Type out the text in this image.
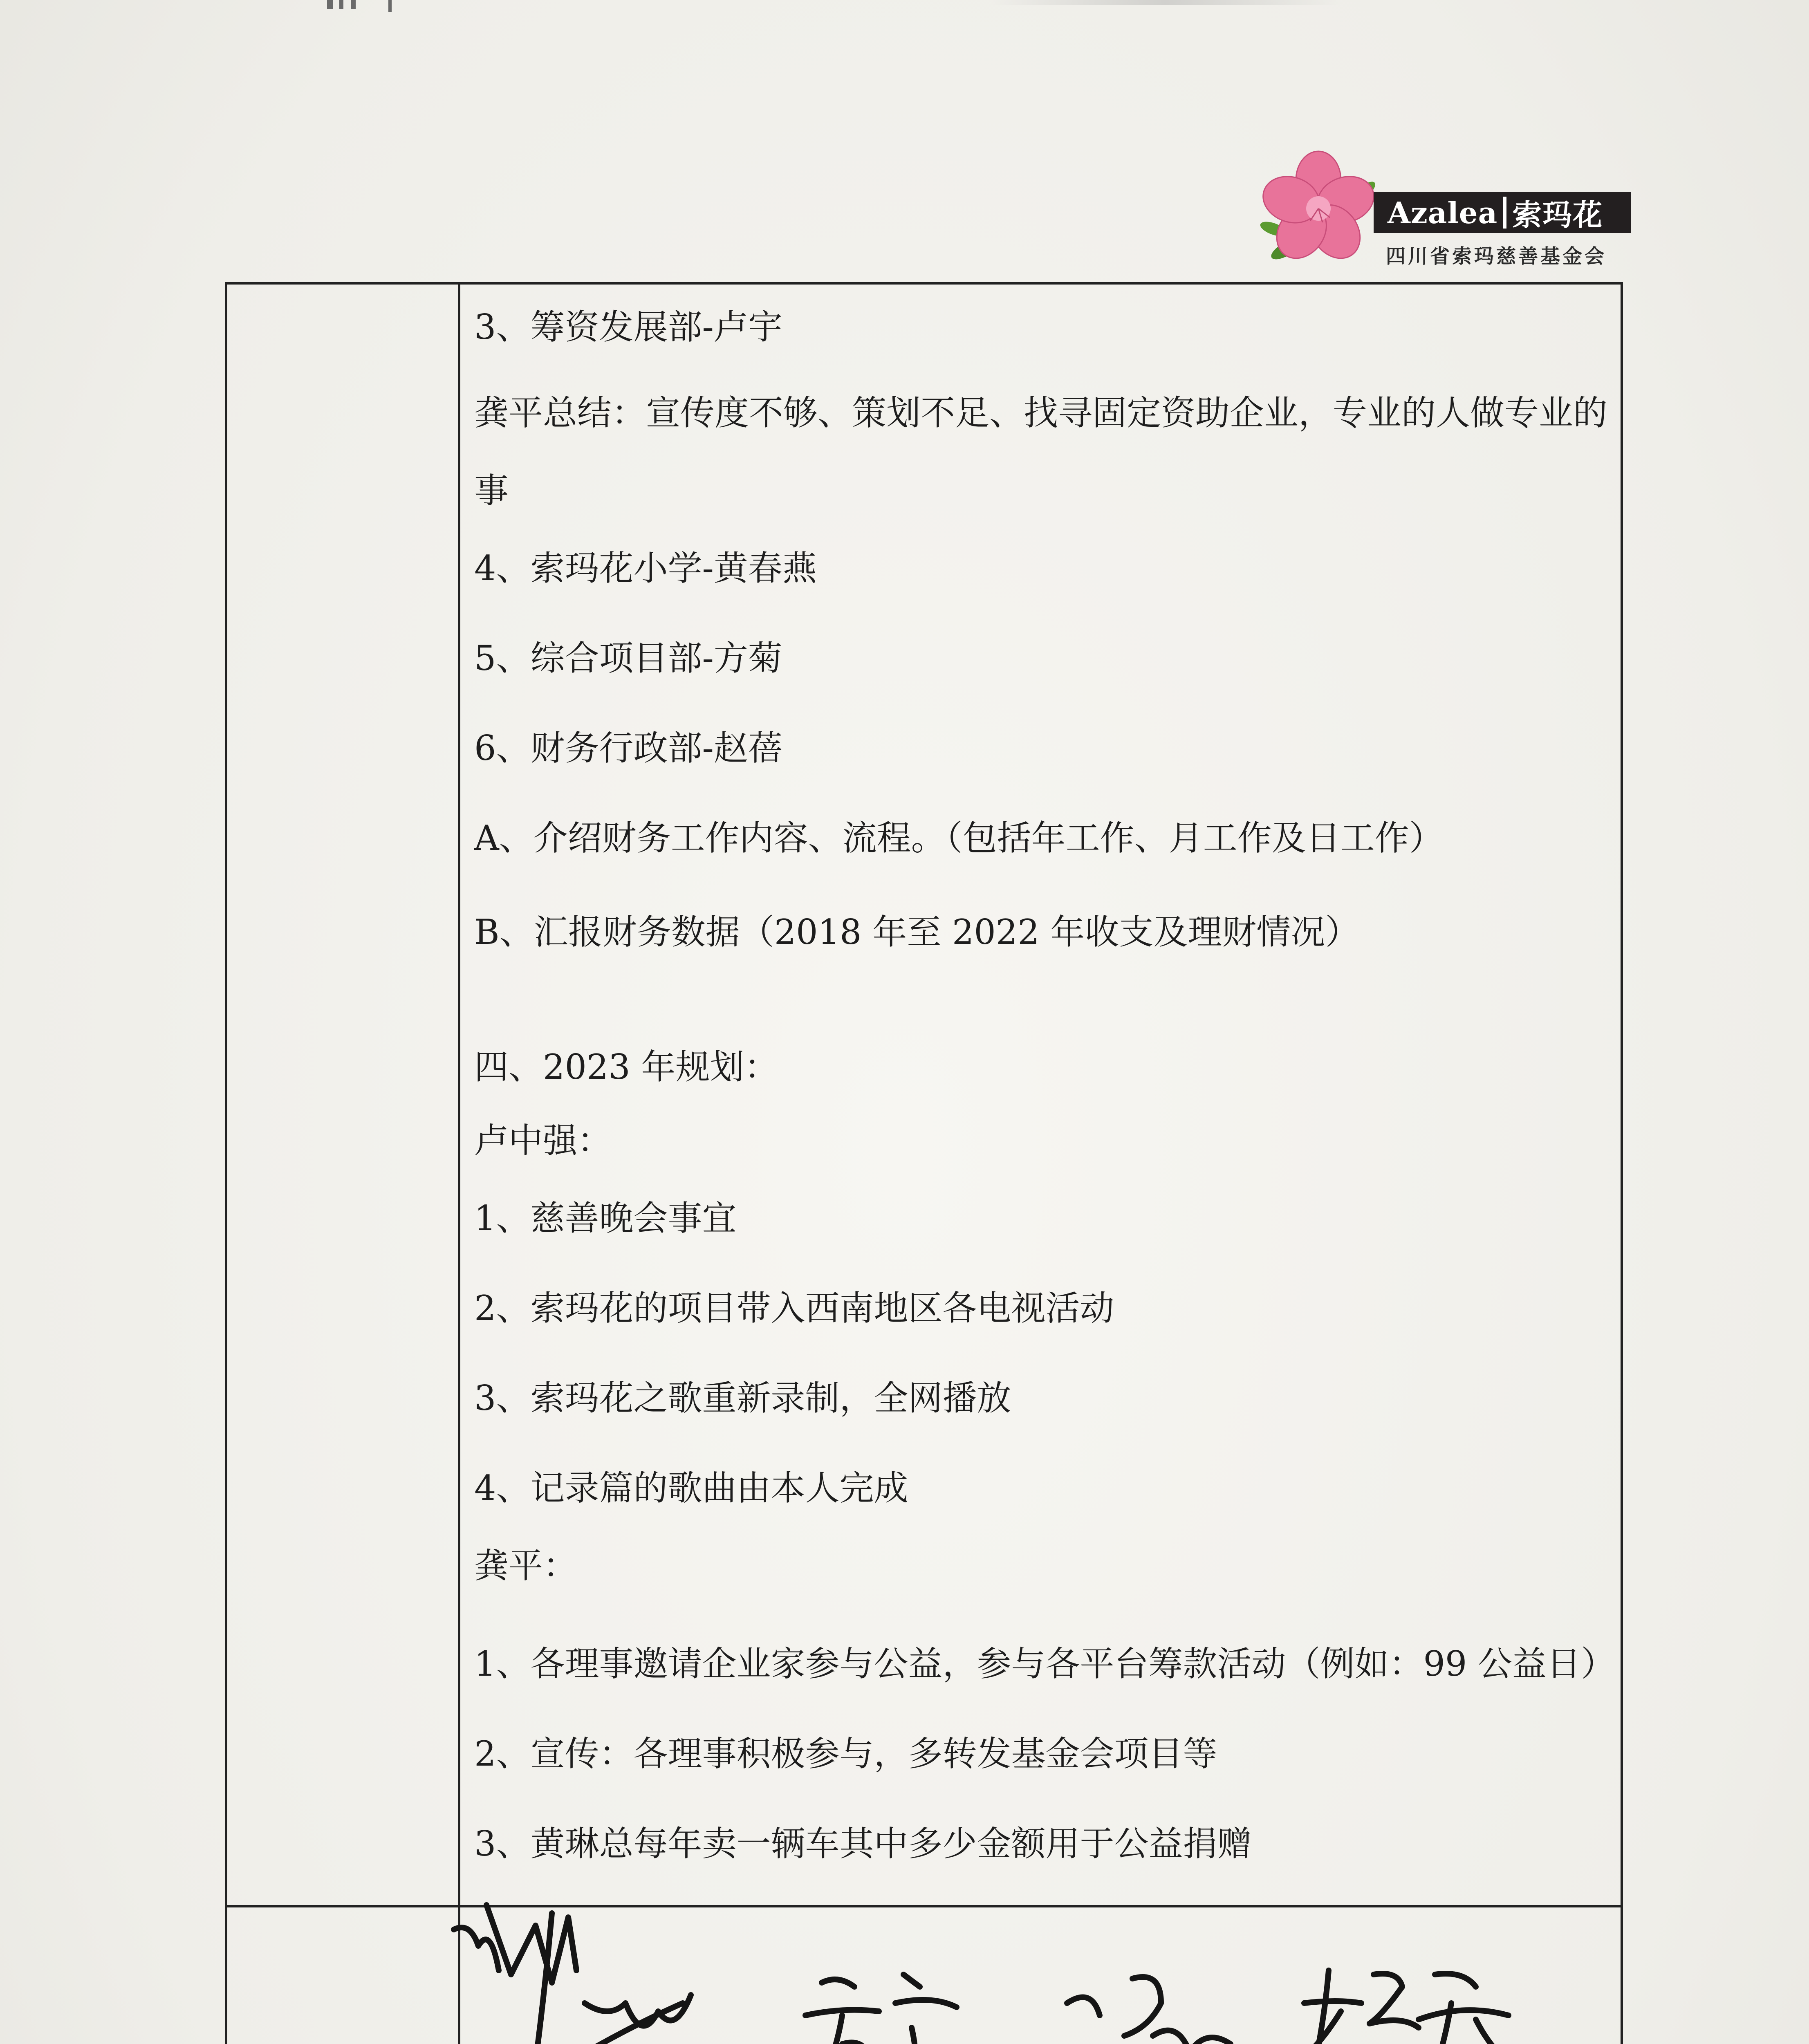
Azalea 索玛花
四川省索玛慈善基金会
3、筹资发展部-卢宇
龚平总结：宣传度不够、策划不足、找寻固定资助企业，专业的人做专业的
事
4、索玛花小学-黄春燕
5、综合项目部-方菊
6、财务行政部-赵蓓
A、介绍财务工作内容、流程。（包括年工作、月工作及日工作）
B、汇报财务数据（2018 年至 2022 年收支及理财情况）
四、2023 年规划：
卢中强：
1、慈善晚会事宜
2、索玛花的项目带入西南地区各电视活动
3、索玛花之歌重新录制，全网播放
4、记录篇的歌曲由本人完成
龚平：
1、各理事邀请企业家参与公益，参与各平台筹款活动（例如：99 公益日）
2、宣传：各理事积极参与，多转发基金会项目等
3、黄琳总每年卖一辆车其中多少金额用于公益捐赠
